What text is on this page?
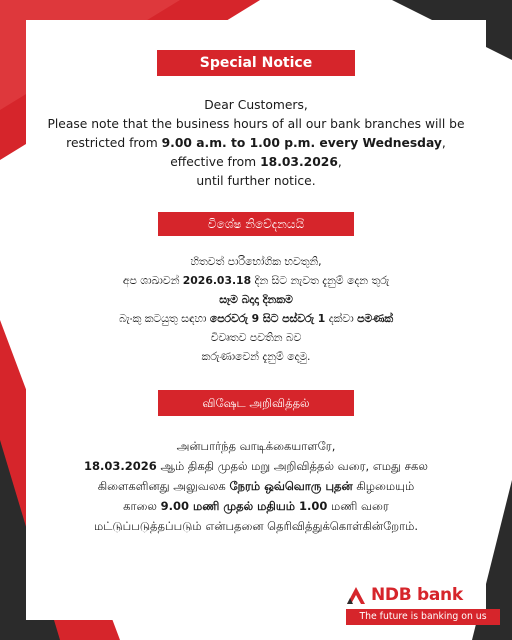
Special Notice
Dear Customers,
Please note that the business hours of all our bank branches will be
restricted from 9.00 a.m. to 1.00 p.m. every Wednesday,
effective from 18.03.2026,
until further notice.
විශේෂ නිවේදනයයි
හිතවත් පාරිභෝගික භවතුනි,
අප ශාඛාවන් 2026.03.18 දින සිට නැවත දැනුම් දෙන තුරු
සෑම බදාදා දිනකම
බැංකු කටයුතු සඳහා පෙරවරු 9 සිට පස්වරු 1 දක්වා පමණක්
විවෘතව පවතින බව
කරුණාවෙන් දැනුම් දෙමු.
விஷேட அறிவித்தல்
அன்பார்ந்த வாடிக்கையாளரே,
18.03.2026 ஆம் திகதி முதல் மறு அறிவித்தல் வரை, எமது சகல
கிளைகளினது அலுவலக நேரம் ஒவ்வொரு புதன் கிழமையும்
காலை 9.00 மணி முதல் மதியம் 1.00 மணி வரை
மட்டுப்படுத்தப்படும் என்பதனை தெரிவித்துக்கொள்கின்றோம்.
NDB bank
The future is banking on us
